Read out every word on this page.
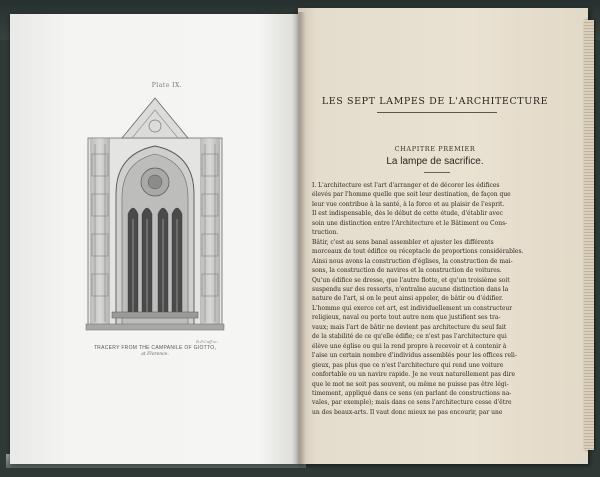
Plate IX.
R.P.Cuff sc.
TRACERY FROM THE CAMPANILE OF GIOTTO,
at Florence.
LES SEPT LAMPES DE L'ARCHITECTURE
CHAPITRE PREMIER
La lampe de sacrifice.
I. L'architecture est l'art d'arranger et de décorer les édifices
élevés par l'homme quelle que soit leur destination, de façon que
leur vue contribue à la santé, à la force et au plaisir de l'esprit.
Il est indispensable, dès le début de cette étude, d'établir avec
soin une distinction entre l'Architecture et le Bâtiment ou Cons-
truction.
Bâtir, c'est au sens banal assembler et ajuster les différents
morceaux de tout édifice ou réceptacle de proportions considérables.
Ainsi nous avons la construction d'églises, la construction de mai-
sons, la construction de navires et la construction de voitures.
Qu'un édifice se dresse, que l'autre flotte, et qu'un troisième soit
suspendu sur des ressorts, n'entraîne aucune distinction dans la
nature de l'art, si on le peut ainsi appeler, de bâtir ou d'édifier.
L'homme qui exerce cet art, est individuellement un constructeur
religieux, naval ou porte tout autre nom que justifient ses tra-
vaux; mais l'art de bâtir ne devient pas architecture du seul fait
de la stabilité de ce qu'elle édifie; ce n'est pas l'architecture qui
élève une église ou qui la rend propre à recevoir et à contenir à
l'aise un certain nombre d'individus assemblés pour les offices reli-
gieux, pas plus que ce n'est l'architecture qui rend une voiture
confortable ou un navire rapide. Je ne veux naturellement pas dire
que le mot ne soit pas souvent, ou même ne puisse pas être légi-
timement, appliqué dans ce sens (en parlant de constructions na-
vales, par exemple); mais dans ce sens l'architecture cesse d'être
un des beaux-arts. Il vaut donc mieux ne pas encourir, par une
